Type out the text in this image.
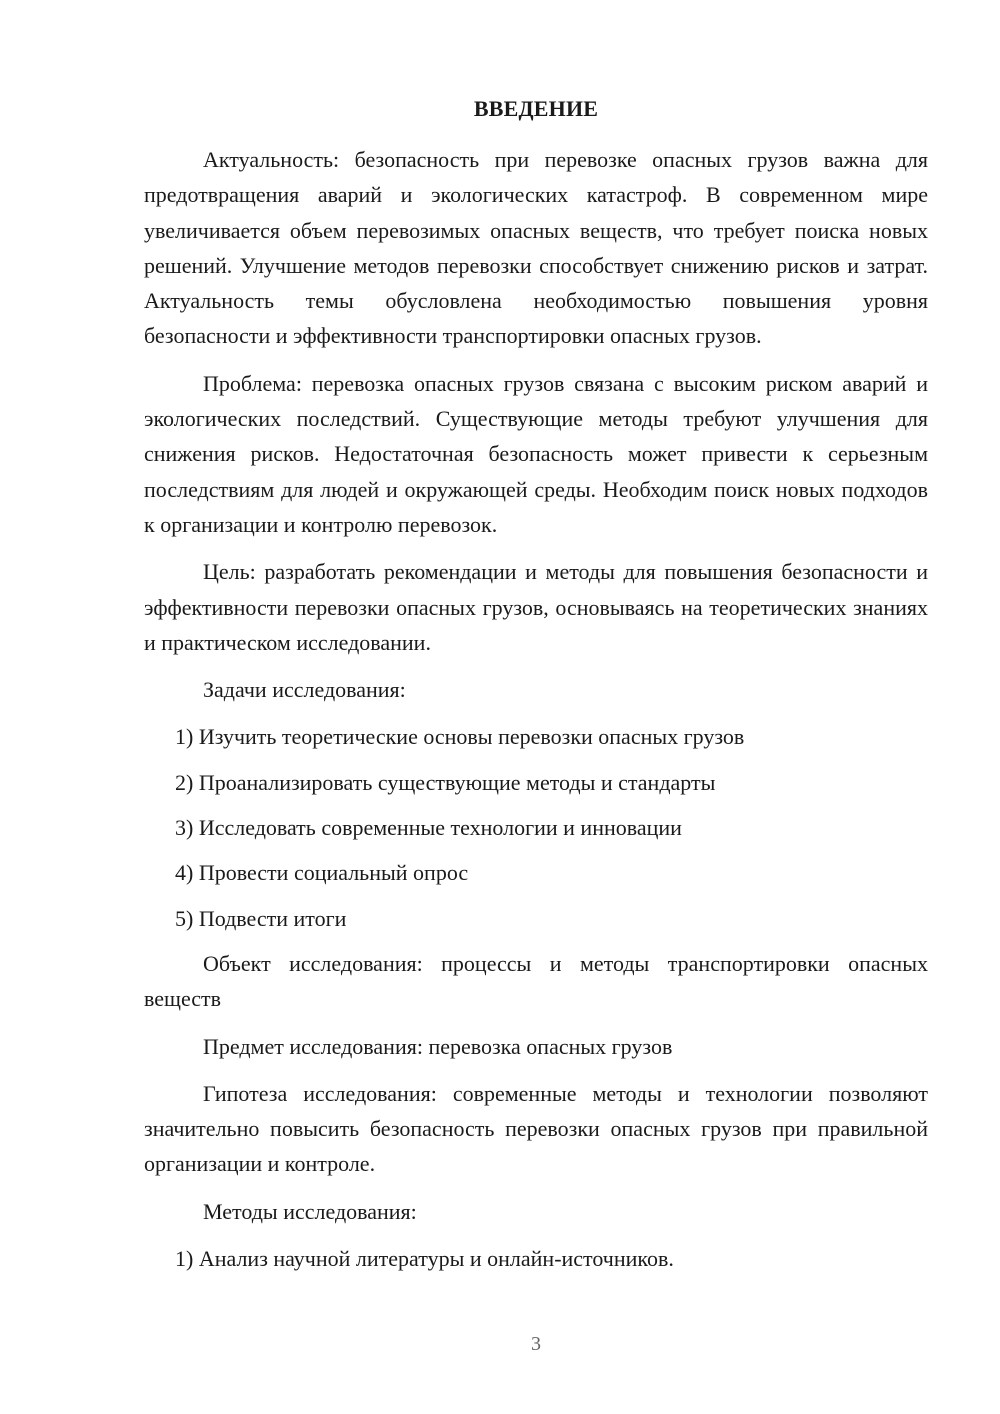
ВВЕДЕНИЕ

Актуальность: безопасность при перевозке опасных грузов важна для предотвращения аварий и экологических катастроф. В современном мире увеличивается объем перевозимых опасных веществ, что требует поиска новых решений. Улучшение методов перевозки способствует снижению рисков и затрат. Актуальность темы обусловлена необходимостью повышения уровня безопасности и эффективности транспортировки опасных грузов.

Проблема: перевозка опасных грузов связана с высоким риском аварий и экологических последствий. Существующие методы требуют улучшения для снижения рисков. Недостаточная безопасность может привести к серьезным последствиям для людей и окружающей среды. Необходим поиск новых подходов к организации и контролю перевозок.

Цель: разработать рекомендации и методы для повышения безопасности и эффективности перевозки опасных грузов, основываясь на теоретических знаниях и практическом исследовании.

Задачи исследования:

1) Изучить теоретические основы перевозки опасных грузов

2) Проанализировать существующие методы и стандарты

3) Исследовать современные технологии и инновации

4) Провести социальный опрос

5) Подвести итоги

Объект исследования: процессы и методы транспортировки опасных веществ

Предмет исследования: перевозка опасных грузов

Гипотеза исследования: современные методы и технологии позволяют значительно повысить безопасность перевозки опасных грузов при правильной организации и контроле.

Методы исследования:

1) Анализ научной литературы и онлайн-источников.

3
